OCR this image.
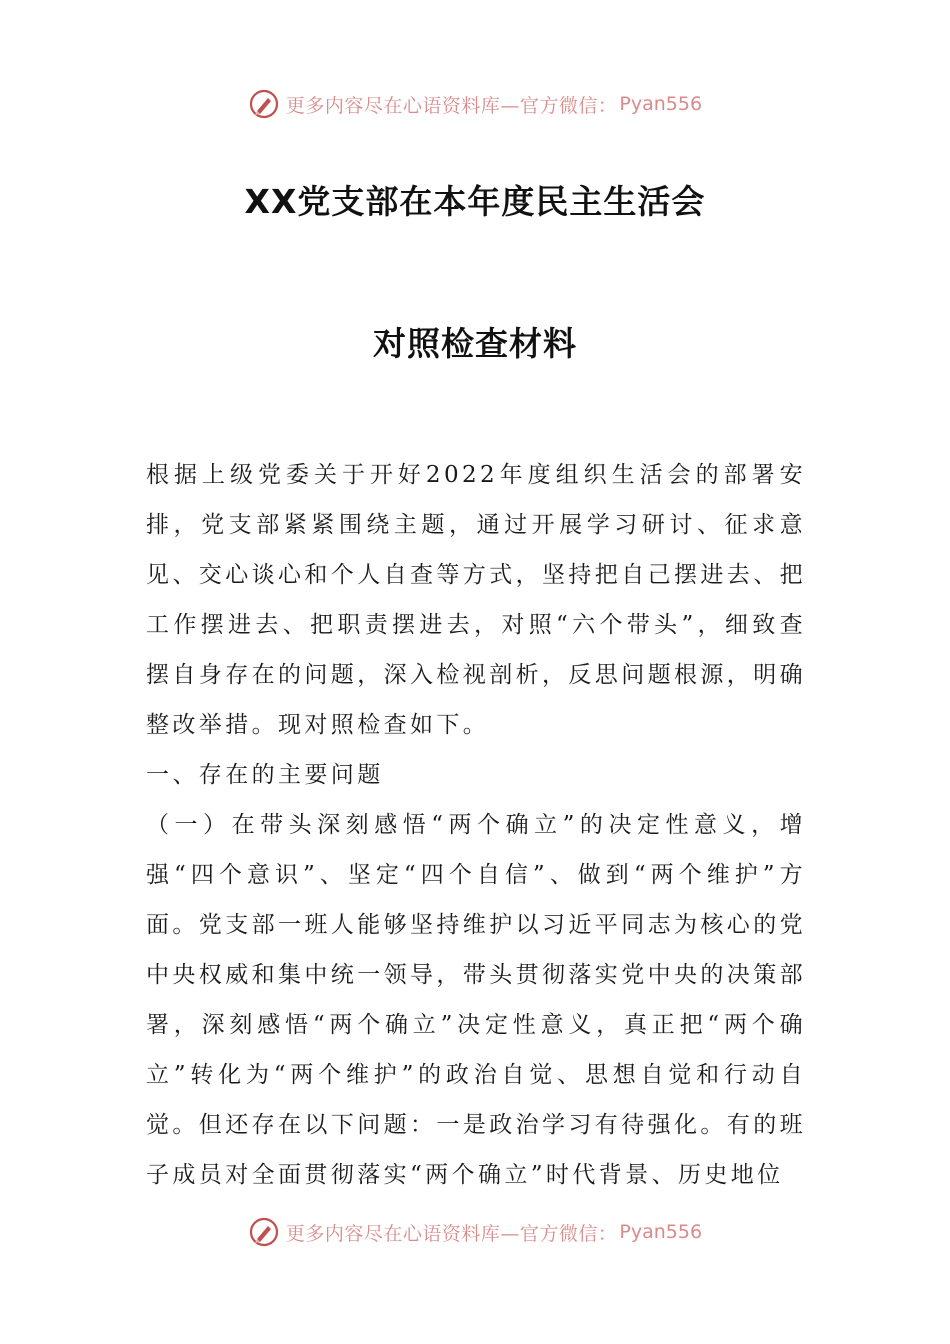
更多内容尽在心语资料库—官方微信： Pyan556
XX党支部在本年度民主生活会
对照检查材料

根据上级党委关于开好2022年度组织生活会的部署安排，党支部紧紧围绕主题，通过开展学习研讨、征求意见、交心谈心和个人自查等方式，坚持把自己摆进去、把工作摆进去、把职责摆进去，对照“六个带头”，细致查摆自身存在的问题，深入检视剖析，反思问题根源，明确整改举措。现对照检查如下。

一、存在的主要问题

（一）在带头深刻感悟“两个确立”的决定性意义，增强“四个意识”、坚定“四个自信”、做到“两个维护”方面。党支部一班人能够坚持维护以习近平同志为核心的党中央权威和集中统一领导，带头贯彻落实党中央的决策部署，深刻感悟“两个确立”决定性意义，真正把“两个确立”转化为“两个维护”的政治自觉、思想自觉和行动自觉。但还存在以下问题：一是政治学习有待强化。有的班子成员对全面贯彻落实“两个确立”时代背景、历史地位

更多内容尽在心语资料库—官方微信： Pyan556
